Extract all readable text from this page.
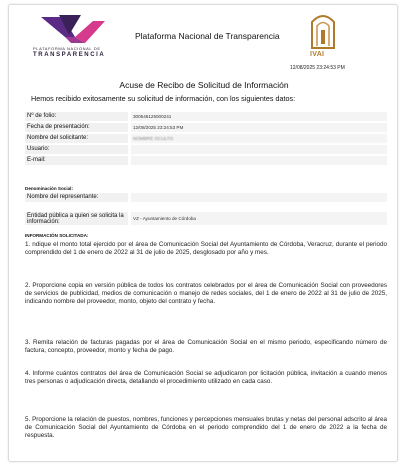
PLATAFORMA NACIONAL DE
TRANSPARENCIA
Plataforma Nacional de Transparencia
IVAI
12/08/2025 23:24:53 PM
Acuse de Recibo de Solicitud de Información
Hemos recibido exitosamente su solicitud de información, con los siguientes datos:
Nº de folio:	300546125000241
Fecha de presentación:	12/08/2025 23:24:53 PM
Nombre del solicitante:	NOMBRE OCULTO
Usuario:
E-mail:
Denominación Social:
Nombre del representante:
Entidad pública a quien se solicita la información:
VZ - Ayuntamiento de Córdoba
INFORMACIÓN SOLICITADA:
1. ndique el monto total ejercido por el área de Comunicación Social del Ayuntamiento de Córdoba, Veracruz, durante el periodo comprendido del 1 de enero de 2022 al 31 de julio de 2025, desglosado por año y mes.
2. Proporcione copia en versión pública de todos los contratos celebrados por el área de Comunicación Social con proveedores de servicios de publicidad, medios de comunicación o manejo de redes sociales, del 1 de enero de 2022 al 31 de julio de 2025, indicando nombre del proveedor, monto, objeto del contrato y fecha.
3. Remita relación de facturas pagadas por el área de Comunicación Social en el mismo periodo, especificando número de factura, concepto, proveedor, monto y fecha de pago.
4. Informe cuántos contratos del área de Comunicación Social se adjudicaron por licitación pública, invitación a cuando menos tres personas o adjudicación directa, detallando el procedimiento utilizado en cada caso.
5. Proporcione la relación de puestos, nombres, funciones y percepciones mensuales brutas y netas del personal adscrito al área de Comunicación Social del Ayuntamiento de Córdoba en el periodo comprendido del 1 de enero de 2022 a la fecha de respuesta.
